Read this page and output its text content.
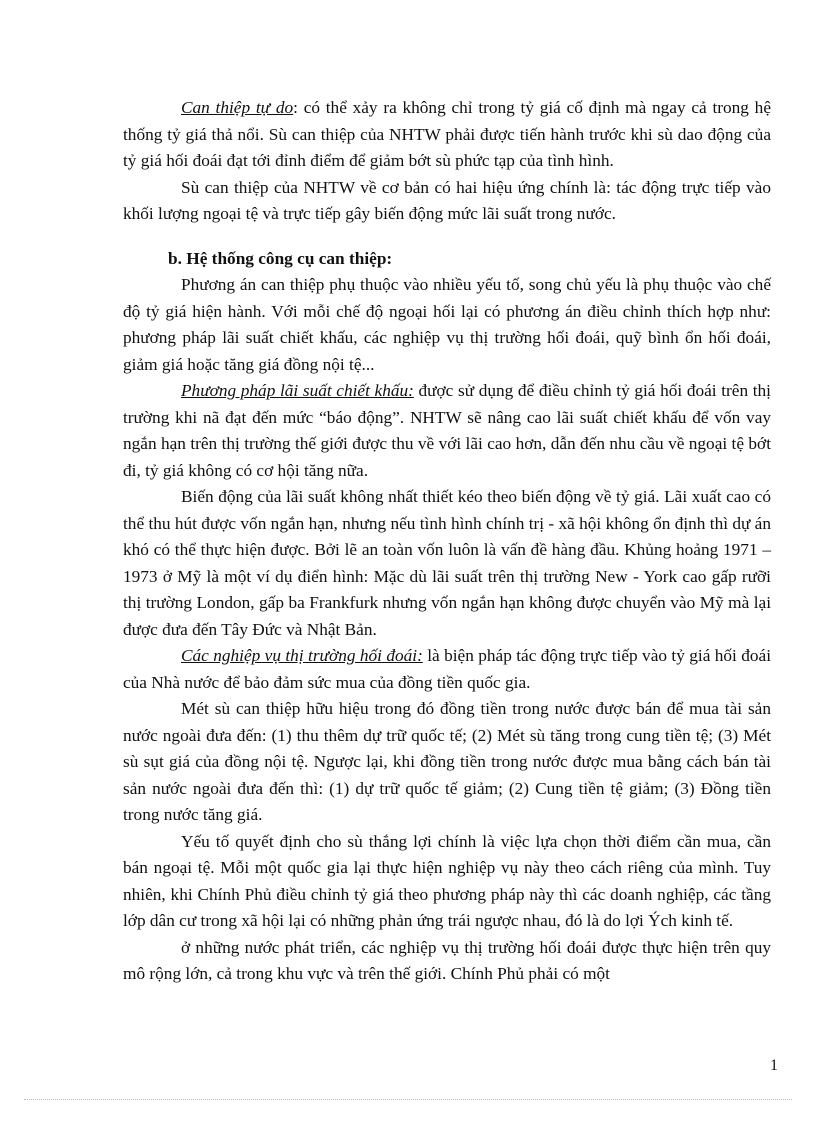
Can thiệp tự do: có thể xảy ra không chỉ trong tỷ giá cố định mà ngay cả trong hệ thống tỷ giá thả nổi. Sù can thiệp của NHTW phải được tiến hành trước khi sù dao động của tỷ giá hối đoái đạt tới đỉnh điểm để giảm bớt sù phức tạp của tình hình.

Sù can thiệp của NHTW về cơ bản có hai hiệu ứng chính là: tác động trực tiếp vào khối lượng ngoại tệ và trực tiếp gây biến động mức lãi suất trong nước.

b. Hệ thống công cụ can thiệp:

Phương án can thiệp phụ thuộc vào nhiều yếu tố, song chủ yếu là phụ thuộc vào chế độ tỷ giá hiện hành. Với mỗi chế độ ngoại hối lại có phương án điều chỉnh thích hợp như: phương pháp lãi suất chiết khấu, các nghiệp vụ thị trường hối đoái, quỹ bình ổn hối đoái, giảm giá hoặc tăng giá đồng nội tệ...

Phương pháp lãi suất chiết khấu: được sử dụng để điều chỉnh tỷ giá hối đoái trên thị trường khi nã đạt đến mức “báo động”. NHTW sẽ nâng cao lãi suất chiết khấu để vốn vay ngắn hạn trên thị trường thế giới được thu về với lãi cao hơn, dẫn đến nhu cầu về ngoại tệ bớt đi, tỷ giá không có cơ hội tăng nữa.

Biến động của lãi suất không nhất thiết kéo theo biến động về tỷ giá. Lãi xuất cao có thể thu hút được vốn ngắn hạn, nhưng nếu tình hình chính trị - xã hội không ổn định thì dự án khó có thể thực hiện được. Bởi lẽ an toàn vốn luôn là vấn đề hàng đầu. Khủng hoảng 1971 – 1973 ở Mỹ là một ví dụ điển hình: Mặc dù lãi suất trên thị trường New - York cao gấp rưỡi thị trường London, gấp ba Frankfurk nhưng vốn ngắn hạn không được chuyển vào Mỹ mà lại được đưa đến Tây Đức và Nhật Bản.

Các nghiệp vụ thị trường hối đoái: là biện pháp tác động trực tiếp vào tỷ giá hối đoái của Nhà nước để bảo đảm sức mua của đồng tiền quốc gia.

Mét sù can thiệp hữu hiệu trong đó đồng tiền trong nước được bán để mua tài sản nước ngoài đưa đến: (1) thu thêm dự trữ quốc tế; (2) Mét sù tăng trong cung tiền tệ; (3) Mét sù sụt giá của đồng nội tệ. Ngược lại, khi đồng tiền trong nước được mua bằng cách bán tài sản nước ngoài đưa đến thì: (1) dự trữ quốc tế giảm; (2) Cung tiền tệ giảm; (3) Đồng tiền trong nước tăng giá.

Yếu tố quyết định cho sù thắng lợi chính là việc lựa chọn thời điểm cần mua, cần bán ngoại tệ. Mỗi một quốc gia lại thực hiện nghiệp vụ này theo cách riêng của mình. Tuy nhiên, khi Chính Phủ điều chỉnh tỷ giá theo phương pháp này thì các doanh nghiệp, các tầng lớp dân cư trong xã hội lại có những phản ứng trái ngược nhau, đó là do lợi Ých kinh tế.

ở những nước phát triển, các nghiệp vụ thị trường hối đoái được thực hiện trên quy mô rộng lớn, cả trong khu vực và trên thế giới. Chính Phủ phải có một

1
